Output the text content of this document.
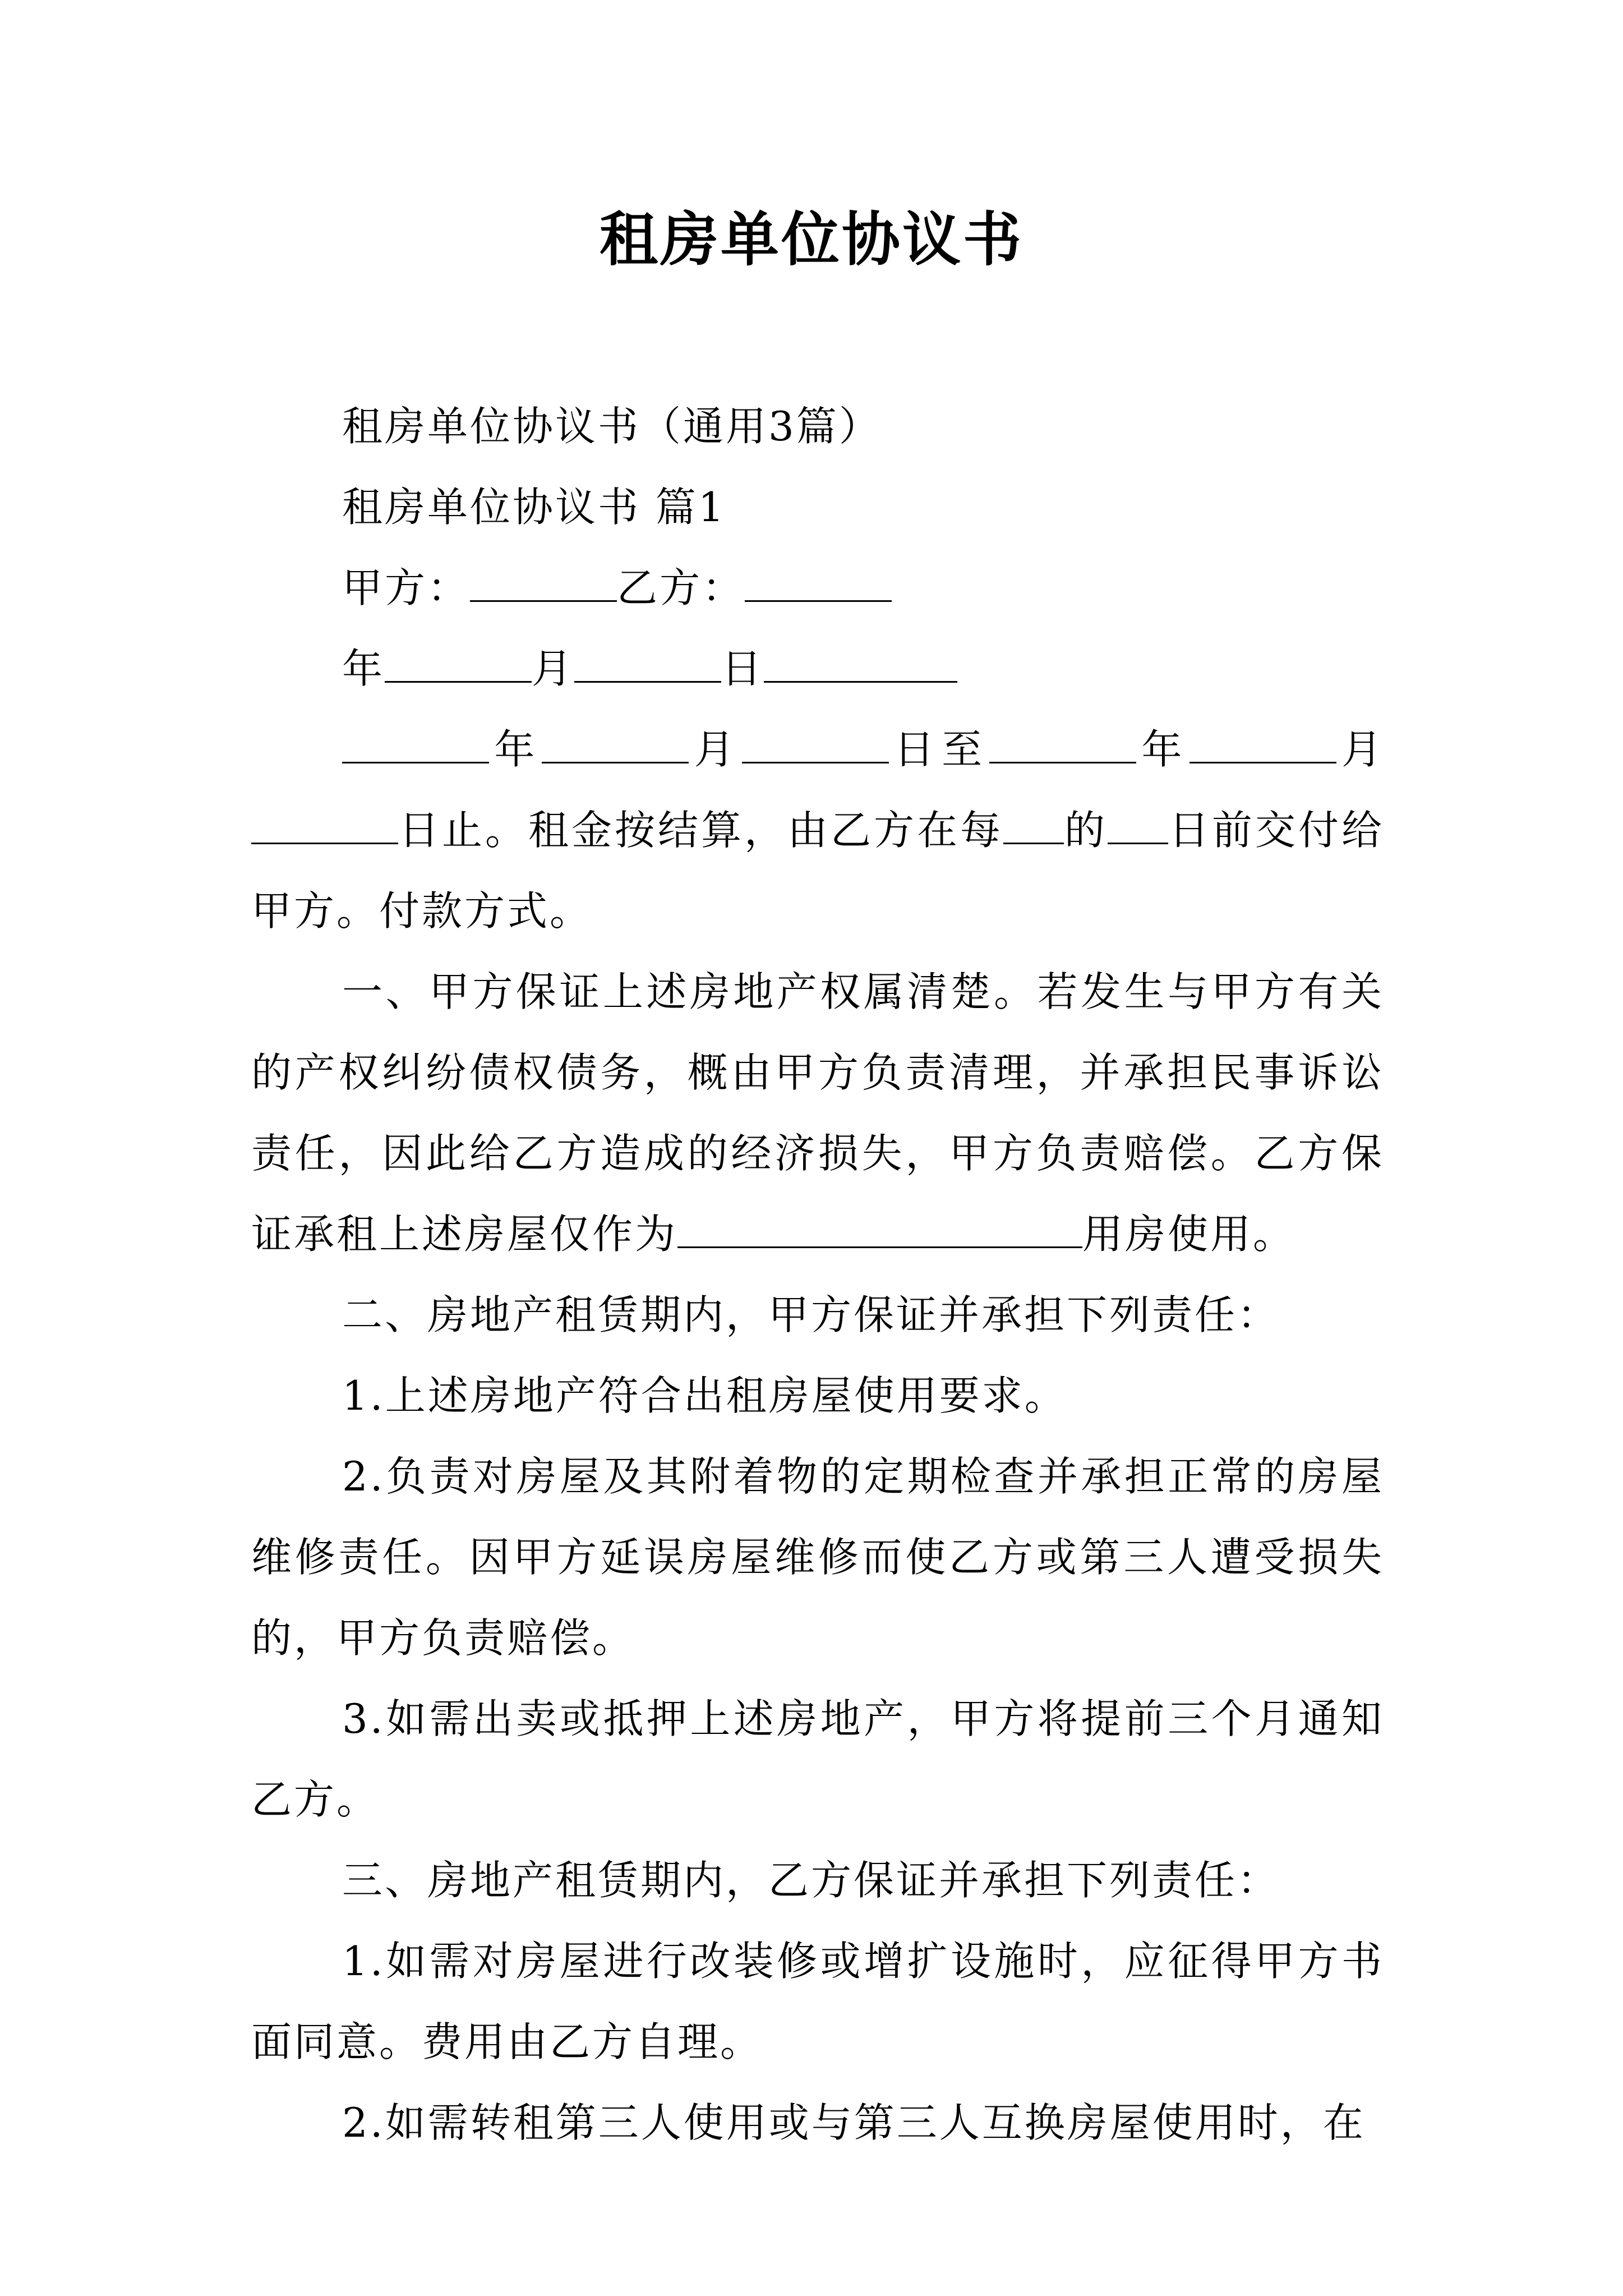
租房单位协议书

租房单位协议书（通用3篇）

租房单位协议书 篇1

甲方：	乙方：

年	月	日

年	月	日至	年	月日止。租金按结算，由乙方在每 的 日前交付给甲方。付款方式。

一、甲方保证上述房地产权属清楚。若发生与甲方有关的产权纠纷债权债务，概由甲方负责清理，并承担民事诉讼责任，因此给乙方造成的经济损失，甲方负责赔偿。乙方保证承租上述房屋仅作为	用房使用。

二、房地产租赁期内，甲方保证并承担下列责任：

1.上述房地产符合出租房屋使用要求。

2.负责对房屋及其附着物的定期检查并承担正常的房屋维修责任。因甲方延误房屋维修而使乙方或第三人遭受损失的，甲方负责赔偿。

3.如需出卖或抵押上述房地产，甲方将提前三个月通知乙方。

三、房地产租赁期内，乙方保证并承担下列责任：

1.如需对房屋进行改装修或增扩设施时，应征得甲方书面同意。费用由乙方自理。

2.如需转租第三人使用或与第三人互换房屋使用时，在
